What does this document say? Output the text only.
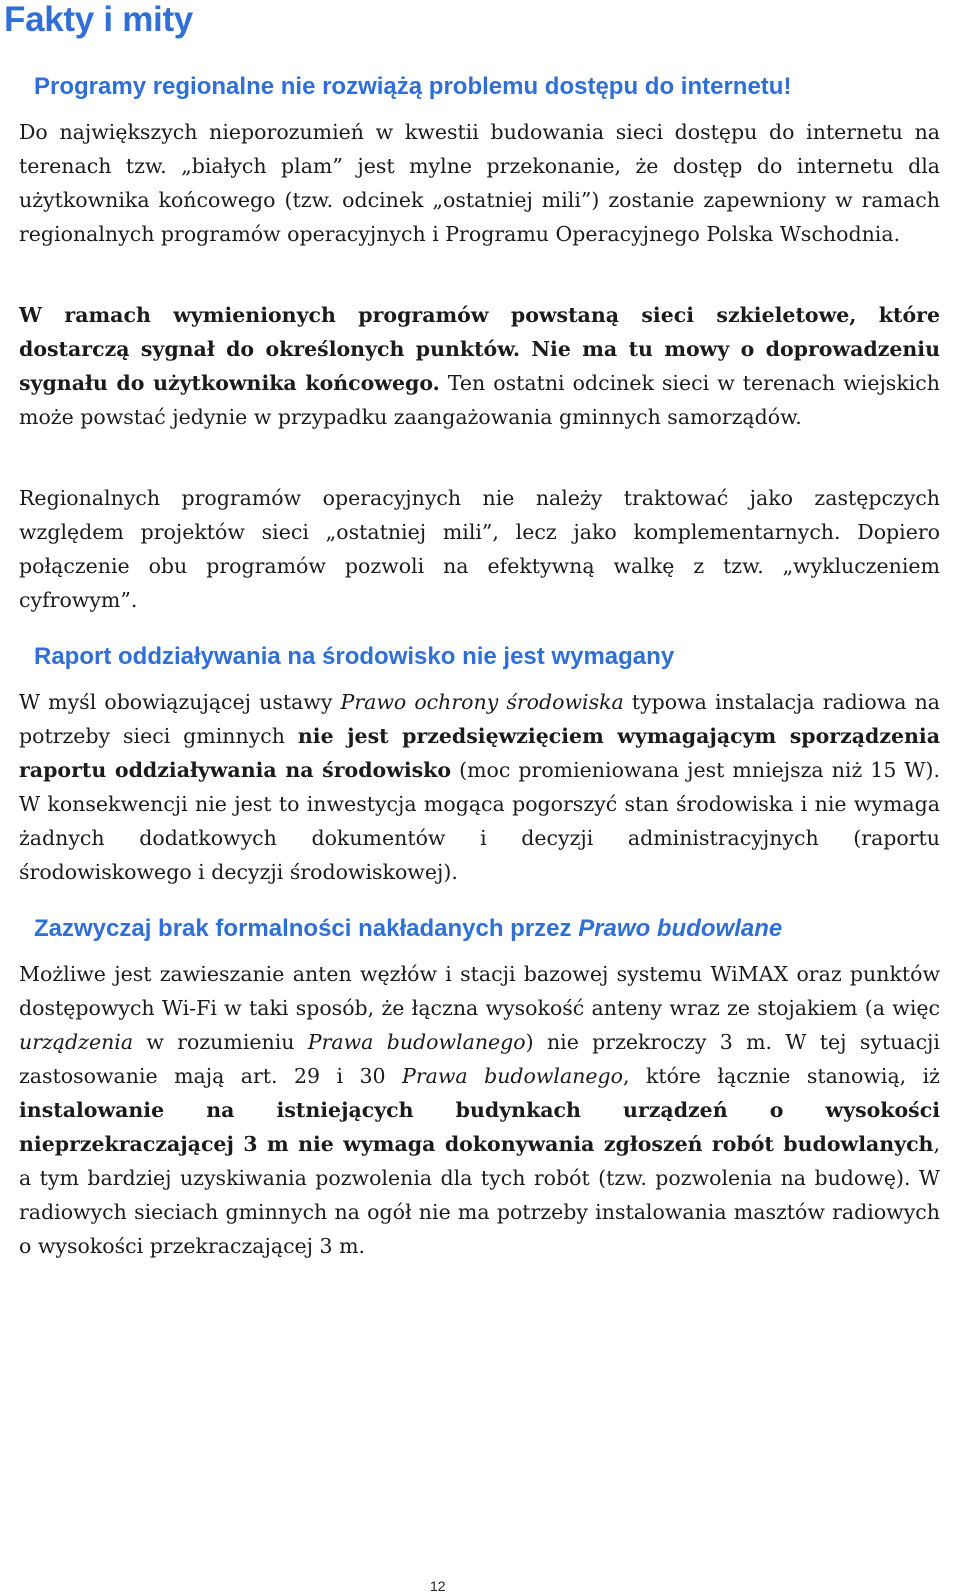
Fakty i mity
Programy regionalne nie rozwiążą problemu dostępu do internetu!

Do największych nieporozumień w kwestii budowania sieci dostępu do internetu na terenach tzw. „białych plam” jest mylne przekonanie, że dostęp do internetu dla użytkownika końcowego (tzw. odcinek „ostatniej mili”) zostanie zapewniony w ramach regionalnych programów operacyjnych i Programu Operacyjnego Polska Wschodnia.

W ramach wymienionych programów powstaną sieci szkieletowe, które dostarczą sygnał do określonych punktów. Nie ma tu mowy o doprowadzeniu sygnału do użytkownika końcowego. Ten ostatni odcinek sieci w terenach wiejskich może powstać jedynie w przypadku zaangażowania gminnych samorządów.

Regionalnych programów operacyjnych nie należy traktować jako zastępczych względem projektów sieci „ostatniej mili”, lecz jako komplementarnych. Dopiero połączenie obu programów pozwoli na efektywną walkę z tzw. „wykluczeniem cyfrowym”.

Raport oddziaływania na środowisko nie jest wymagany

W myśl obowiązującej ustawy Prawo ochrony środowiska typowa instalacja radiowa na potrzeby sieci gminnych nie jest przedsięwzięciem wymagającym sporządzenia raportu oddziaływania na środowisko (moc promieniowana jest mniejsza niż 15 W). W konsekwencji nie jest to inwestycja mogąca pogorszyć stan środowiska i nie wymaga żadnych dodatkowych dokumentów i decyzji administracyjnych (raportu środowiskowego i decyzji środowiskowej).

Zazwyczaj brak formalności nakładanych przez Prawo budowlane

Możliwe jest zawieszanie anten węzłów i stacji bazowej systemu WiMAX oraz punktów dostępowych Wi-Fi w taki sposób, że łączna wysokość anteny wraz ze stojakiem (a więc urządzenia w rozumieniu Prawa budowlanego) nie przekroczy 3 m. W tej sytuacji zastosowanie mają art. 29 i 30 Prawa budowlanego, które łącznie stanowią, iż instalowanie na istniejących budynkach urządzeń o wysokości nieprzekraczającej 3 m nie wymaga dokonywania zgłoszeń robót budowlanych, a tym bardziej uzyskiwania pozwolenia dla tych robót (tzw. pozwolenia na budowę). W radiowych sieciach gminnych na ogół nie ma potrzeby instalowania masztów radiowych o wysokości przekraczającej 3 m.

12
